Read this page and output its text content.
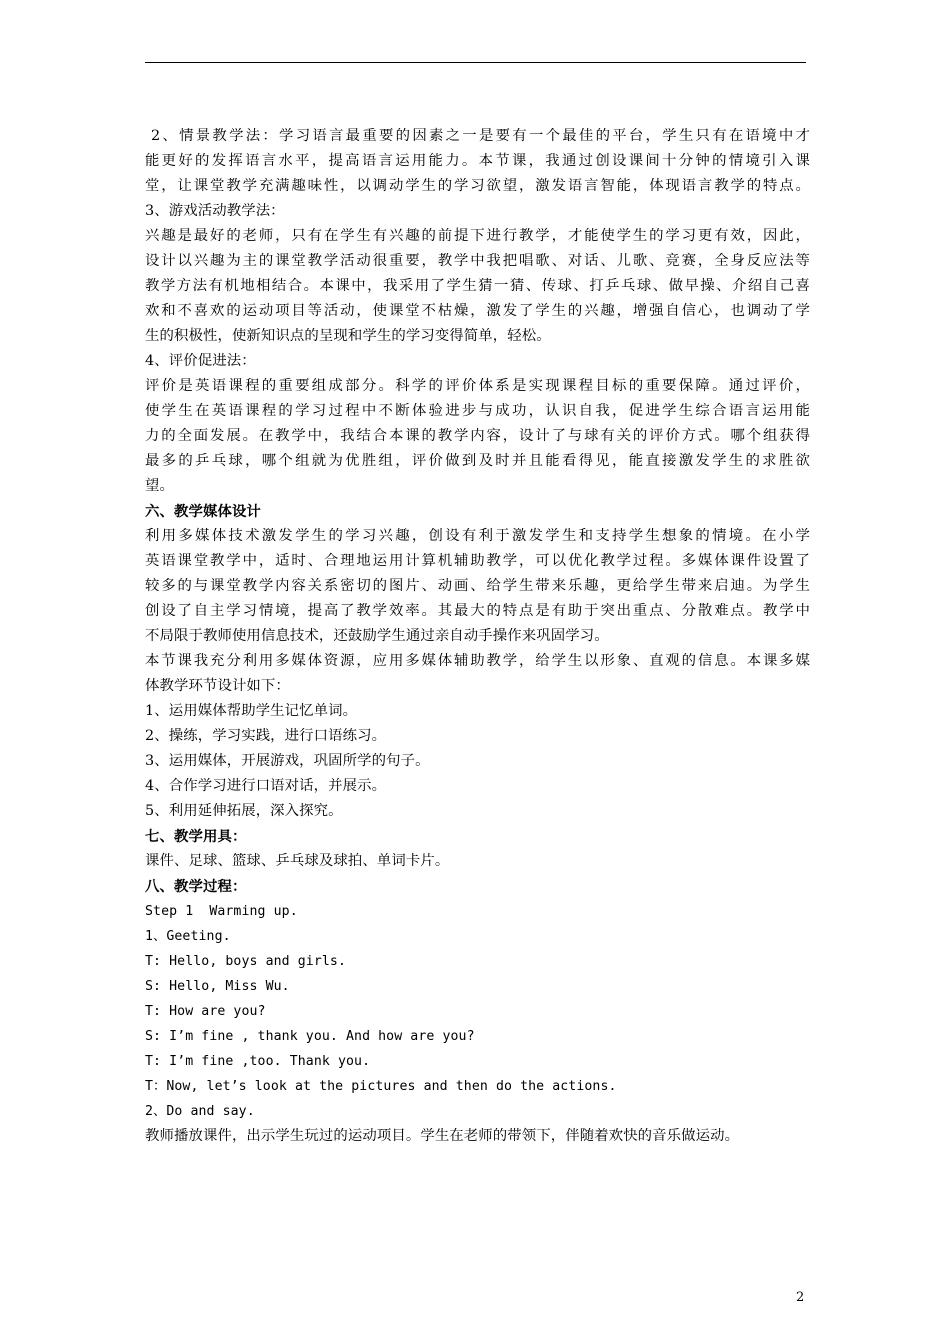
2、情景教学法：学习语言最重要的因素之一是要有一个最佳的平台，学生只有在语境中才
能更好的发挥语言水平，提高语言运用能力。本节课，我通过创设课间十分钟的情境引入课
堂，让课堂教学充满趣味性，以调动学生的学习欲望，激发语言智能，体现语言教学的特点。
3、游戏活动教学法：
兴趣是最好的老师，只有在学生有兴趣的前提下进行教学，才能使学生的学习更有效，因此，
设计以兴趣为主的课堂教学活动很重要，教学中我把唱歌、对话、儿歌、竞赛，全身反应法等
教学方法有机地相结合。本课中，我采用了学生猜一猜、传球、打乒乓球、做早操、介绍自己喜
欢和不喜欢的运动项目等活动，使课堂不枯燥，激发了学生的兴趣，增强自信心，也调动了学
生的积极性，使新知识点的呈现和学生的学习变得简单，轻松。
4、评价促进法：
评价是英语课程的重要组成部分。科学的评价体系是实现课程目标的重要保障。通过评价，
使学生在英语课程的学习过程中不断体验进步与成功，认识自我，促进学生综合语言运用能
力的全面发展。在教学中，我结合本课的教学内容，设计了与球有关的评价方式。哪个组获得
最多的乒乓球，哪个组就为优胜组，评价做到及时并且能看得见，能直接激发学生的求胜欲
望。
六、教学媒体设计
利用多媒体技术激发学生的学习兴趣，创设有利于激发学生和支持学生想象的情境。在小学
英语课堂教学中，适时、合理地运用计算机辅助教学，可以优化教学过程。多媒体课件设置了
较多的与课堂教学内容关系密切的图片、动画、给学生带来乐趣，更给学生带来启迪。为学生
创设了自主学习情境，提高了教学效率。其最大的特点是有助于突出重点、分散难点。教学中
不局限于教师使用信息技术，还鼓励学生通过亲自动手操作来巩固学习。
本节课我充分利用多媒体资源，应用多媒体辅助教学，给学生以形象、直观的信息。本课多媒
体教学环节设计如下：
1、运用媒体帮助学生记忆单词。
2、操练，学习实践，进行口语练习。
3、运用媒体，开展游戏，巩固所学的句子。
4、合作学习进行口语对话，并展示。
5、利用延伸拓展，深入探究。
七、教学用具：
课件、足球、篮球、乒乓球及球拍、单词卡片。
八、教学过程：
Step 1  Warming up.
1、Geeting.
T: Hello, boys and girls.
S: Hello, Miss Wu.
T: How are you?
S: I’m fine , thank you. And how are you?
T: I’m fine ,too. Thank you.
T：Now, let’s look at the pictures and then do the actions.
2、Do and say.
教师播放课件，出示学生玩过的运动项目。学生在老师的带领下，伴随着欢快的音乐做运动。
2
